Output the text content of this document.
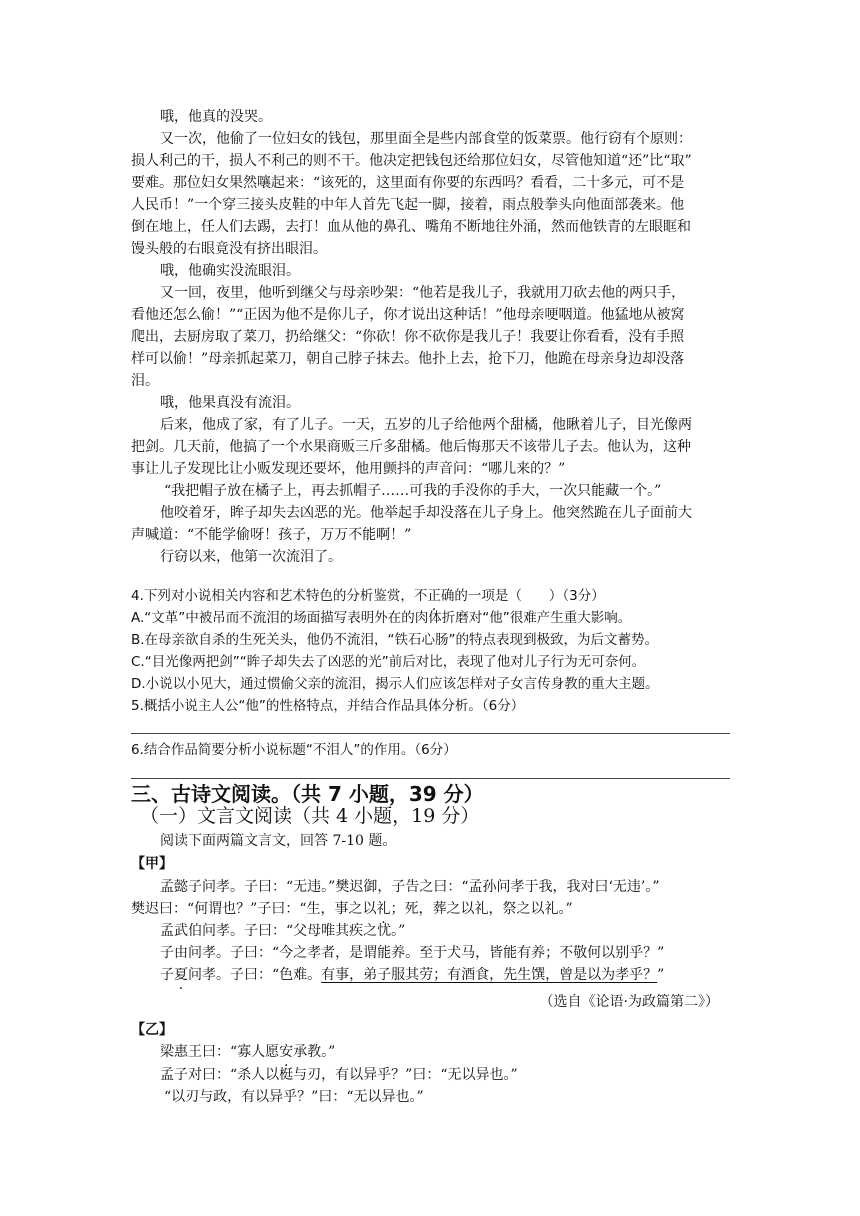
哦，他真的没哭。
又一次，他偷了一位妇女的钱包，那里面全是些内部食堂的饭菜票。他行窃有个原则：
损人利己的干，损人不利己的则不干。他决定把钱包还给那位妇女，尽管他知道“还”比“取”
要难。那位妇女果然嚷起来：“该死的，这里面有你要的东西吗？看看，二十多元，可不是
人民币！”一个穿三接头皮鞋的中年人首先飞起一脚，接着，雨点般拳头向他面部袭来。他
倒在地上，任人们去踢，去打！血从他的鼻孔、嘴角不断地往外涌，然而他铁青的左眼眶和
馒头般的右眼竟没有挤出眼泪。
哦，他确实没流眼泪。
又一回，夜里，他听到继父与母亲吵架：“他若是我儿子，我就用刀砍去他的两只手，
看他还怎么偷！”“正因为他不是你儿子，你才说出这种话！”他母亲哽咽道。他猛地从被窝
爬出，去厨房取了菜刀，扔给继父：“你砍！你不砍你是我儿子！我要让你看看，没有手照
样可以偷！”母亲抓起菜刀，朝自己脖子抹去。他扑上去，抢下刀，他跪在母亲身边却没落
泪。
哦，他果真没有流泪。
后来，他成了家，有了儿子。一天，五岁的儿子给他两个甜橘，他瞅着儿子，目光像两
把剑。几天前，他搞了一个水果商贩三斤多甜橘。他后悔那天不该带儿子去。他认为，这种
事让儿子发现比让小贩发现还要坏，他用颤抖的声音问：“哪儿来的？”
“我把帽子放在橘子上，再去抓帽子……可我的手没你的手大，一次只能藏一个。”
他咬着牙，眸子却失去凶恶的光。他举起手却没落在儿子身上。他突然跪在儿子面前大
声喊道：“不能学偷呀！孩子，万万不能啊！”
行窃以来，他第一次流泪了。
4.下列对小说相关内容和艺术特色的分析鉴赏，不正确的一项是（　　）（3分）
A.“文革”中被吊而不流泪的场面描写表明外在的肉体折磨对“他”很难产生重大影响。
B.在母亲欲自杀的生死关头，他仍不流泪，“铁石心肠”的特点表现到极致，为后文蓄势。
C.“目光像两把剑”“眸子却失去了凶恶的光”前后对比，表现了他对儿子行为无可奈何。
D.小说以小见大，通过惯偷父亲的流泪，揭示人们应该怎样对子女言传身教的重大主题。
5.概括小说主人公“他”的性格特点，并结合作品具体分析。（6分）
6.结合作品简要分析小说标题“不泪人”的作用。（6分）
三、古诗文阅读。（共 7 小题，39 分）
（一）文言文阅读（共 4 小题，19 分）
阅读下面两篇文言文，回答 7-10 题。
【甲】
孟懿子问孝。子曰：“无违。”樊迟御，子告之曰：“孟孙问孝于我，我对曰‘无违’。”
樊迟曰：“何谓也？”子曰：“生，事之以礼；死，葬之以礼，祭之以礼。”
孟武伯问孝。子曰：“父母唯其疾之忧。”
子由问孝。子曰：“今之孝者，是谓能养。至于犬马，皆能有养；不敬何以别乎？”
子夏问孝。子曰：“色难。有事，弟子服其劳；有酒食，先生馔，曾是以为孝乎？”
（选自《论语·为政篇第二》）
【乙】
梁惠王曰：“寡人愿安承教。”
孟子对曰：“杀人以梃与刃，有以异乎？”曰：“无以异也。”
“以刃与政，有以异乎？”曰：“无以异也。”
